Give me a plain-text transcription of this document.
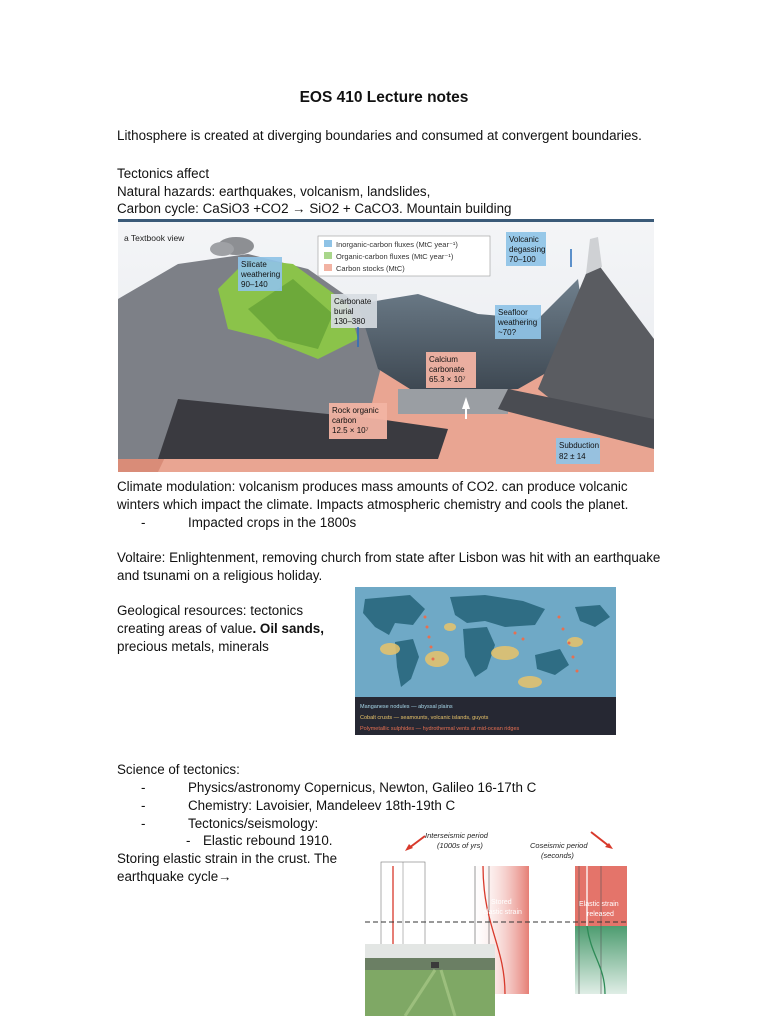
EOS 410 Lecture notes
Lithosphere is created at diverging boundaries and consumed at convergent boundaries.
Tectonics affect
Natural hazards: earthquakes, volcanism, landslides,
Carbon cycle: CaSiO3 +CO2 → SiO2 + CaCO3. Mountain building
Inorganic-carbon fluxes (MtC year⁻¹)
Organic-carbon fluxes (MtC year⁻¹)
Carbon stocks (MtC)
a Textbook view
Silicate
weathering
90–140
Carbonate
burial
130–380
Volcanic
degassing
70–100
Seafloor
weathering
~70?
Calcium
carbonate
65.3 × 10⁷
Rock organic
carbon
12.5 × 10⁷
Subduction
82 ± 14
Climate modulation: volcanism produces mass amounts of CO2. can produce volcanic
winters which impact the climate. Impacts atmospheric chemistry and cools the planet.
-	Impacted crops in the 1800s
Voltaire: Enlightenment, removing church from state after Lisbon was hit with an earthquake
and tsunami on a religious holiday.
Geological resources: tectonics
creating areas of value. Oil sands,
precious metals, minerals
Manganese nodules — abyssal plains
Cobalt crusts — seamounts, volcanic islands, guyots
Polymetallic sulphides — hydrothermal vents at mid-ocean ridges
Science of tectonics:
-	Physics/astronomy Copernicus, Newton, Galileo 16-17th C
-	Chemistry: Lavoisier, Mandeleev 18th-19th C
-	Tectonics/seismology:
- Elastic rebound 1910.
Storing elastic strain in the crust. The
earthquake cycle→
Interseismic period
(1000s of yrs)	Coseismic period
(seconds)
Stored
elastic strain
Elastic strain
released
